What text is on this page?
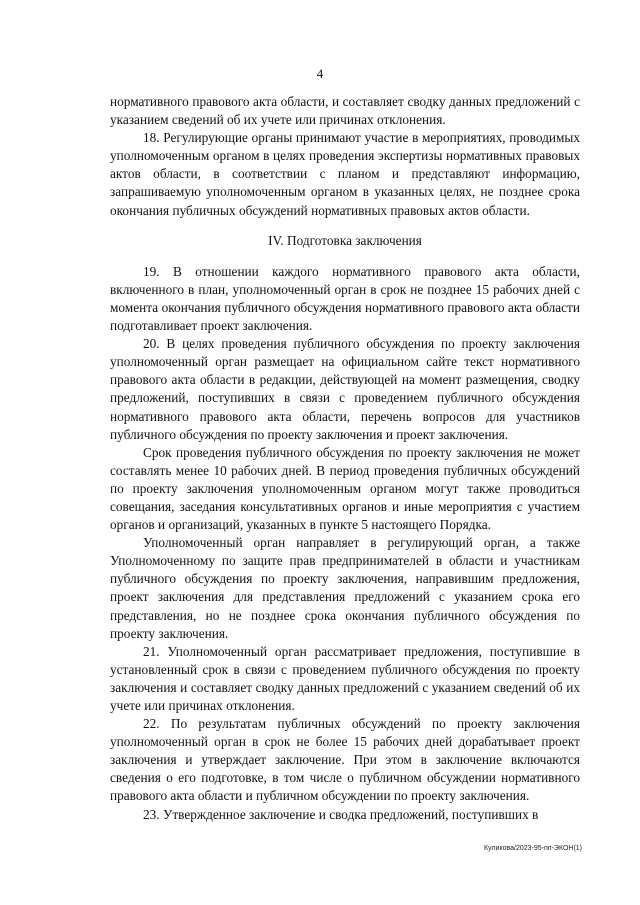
4

нормативного правового акта области, и составляет сводку данных предложений с указанием сведений об их учете или причинах отклонения.

18. Регулирующие органы принимают участие в мероприятиях, проводимых уполномоченным органом в целях проведения экспертизы нормативных правовых актов области, в соответствии с планом и представляют информацию, запрашиваемую уполномоченным органом в указанных целях, не позднее срока окончания публичных обсуждений нормативных правовых актов области.

IV. Подготовка заключения

19. В отношении каждого нормативного правового акта области, включенного в план, уполномоченный орган в срок не позднее 15 рабочих дней с момента окончания публичного обсуждения нормативного правового акта области подготавливает проект заключения.

20. В целях проведения публичного обсуждения по проекту заключения уполномоченный орган размещает на официальном сайте текст нормативного правового акта области в редакции, действующей на момент размещения, сводку предложений, поступивших в связи с проведением публичного обсуждения нормативного правового акта области, перечень вопросов для участников публичного обсуждения по проекту заключения и проект заключения.

Срок проведения публичного обсуждения по проекту заключения не может составлять менее 10 рабочих дней. В период проведения публичных обсуждений по проекту заключения уполномоченным органом могут также проводиться совещания, заседания консультативных органов и иные мероприятия с участием органов и организаций, указанных в пункте 5 настоящего Порядка.

Уполномоченный орган направляет в регулирующий орган, а также Уполномоченному по защите прав предпринимателей в области и участникам публичного обсуждения по проекту заключения, направившим предложения, проект заключения для представления предложений с указанием срока его представления, но не позднее срока окончания публичного обсуждения по проекту заключения.

21. Уполномоченный орган рассматривает предложения, поступившие в установленный срок в связи с проведением публичного обсуждения по проекту заключения и составляет сводку данных предложений с указанием сведений об их учете или причинах отклонения.

22. По результатам публичных обсуждений по проекту заключения уполномоченный орган в срок не более 15 рабочих дней дорабатывает проект заключения и утверждает заключение. При этом в заключение включаются сведения о его подготовке, в том числе о публичном обсуждении нормативного правового акта области и публичном обсуждении по проекту заключения.

23. Утвержденное заключение и сводка предложений, поступивших в

Куликова/2023-95-пп-ЭКОН(1)
